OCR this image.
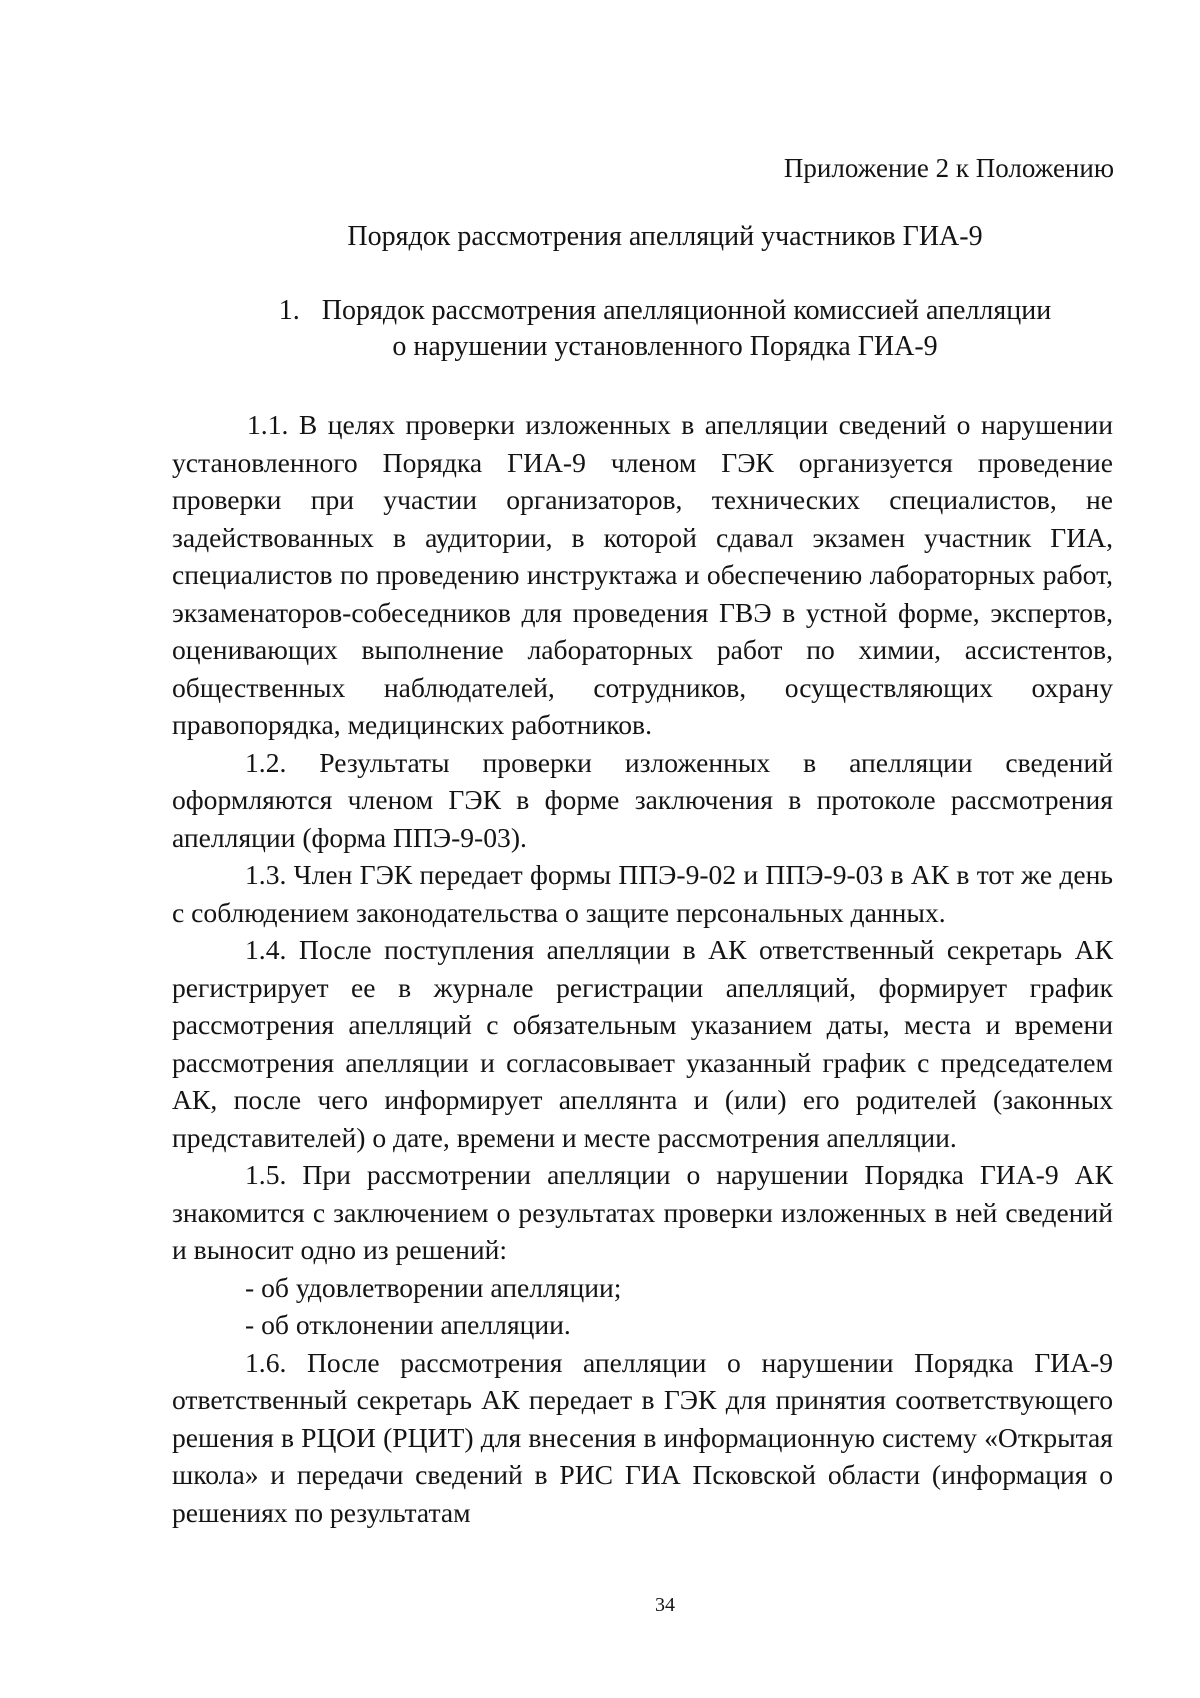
Приложение 2 к Положению
Порядок рассмотрения апелляций участников ГИА-9
1. Порядок рассмотрения апелляционной комиссией апелляции
о нарушении установленного Порядка ГИА-9

1.1. В целях проверки изложенных в апелляции сведений о нарушении установленного Порядка ГИА-9 членом ГЭК организуется проведение проверки при участии организаторов, технических специалистов, не задействованных в аудитории, в которой сдавал экзамен участник ГИА, специалистов по проведению инструктажа и обеспечению лабораторных работ, экзаменаторов-собеседников для проведения ГВЭ в устной форме, экспертов, оценивающих выполнение лабораторных работ по химии, ассистентов, общественных наблюдателей, сотрудников, осуществляющих охрану правопорядка, медицинских работников.

1.2. Результаты проверки изложенных в апелляции сведений оформляются членом ГЭК в форме заключения в протоколе рассмотрения апелляции (форма ППЭ-9-03).

1.3. Член ГЭК передает формы ППЭ-9-02 и ППЭ-9-03 в АК в тот же день с соблюдением законодательства о защите персональных данных.

1.4. После поступления апелляции в АК ответственный секретарь АК регистрирует ее в журнале регистрации апелляций, формирует график рассмотрения апелляций с обязательным указанием даты, места и времени рассмотрения апелляции и согласовывает указанный график с председателем АК, после чего информирует апеллянта и (или) его родителей (законных представителей) о дате, времени и месте рассмотрения апелляции.

1.5. При рассмотрении апелляции о нарушении Порядка ГИА-9 АК знакомится с заключением о результатах проверки изложенных в ней сведений и выносит одно из решений:

- об удовлетворении апелляции;

- об отклонении апелляции.

1.6. После рассмотрения апелляции о нарушении Порядка ГИА-9 ответственный секретарь АК передает в ГЭК для принятия соответствующего решения в РЦОИ (РЦИТ) для внесения в информационную систему «Открытая школа» и передачи сведений в РИС ГИА Псковской области (информация о решениях по результатам

34
